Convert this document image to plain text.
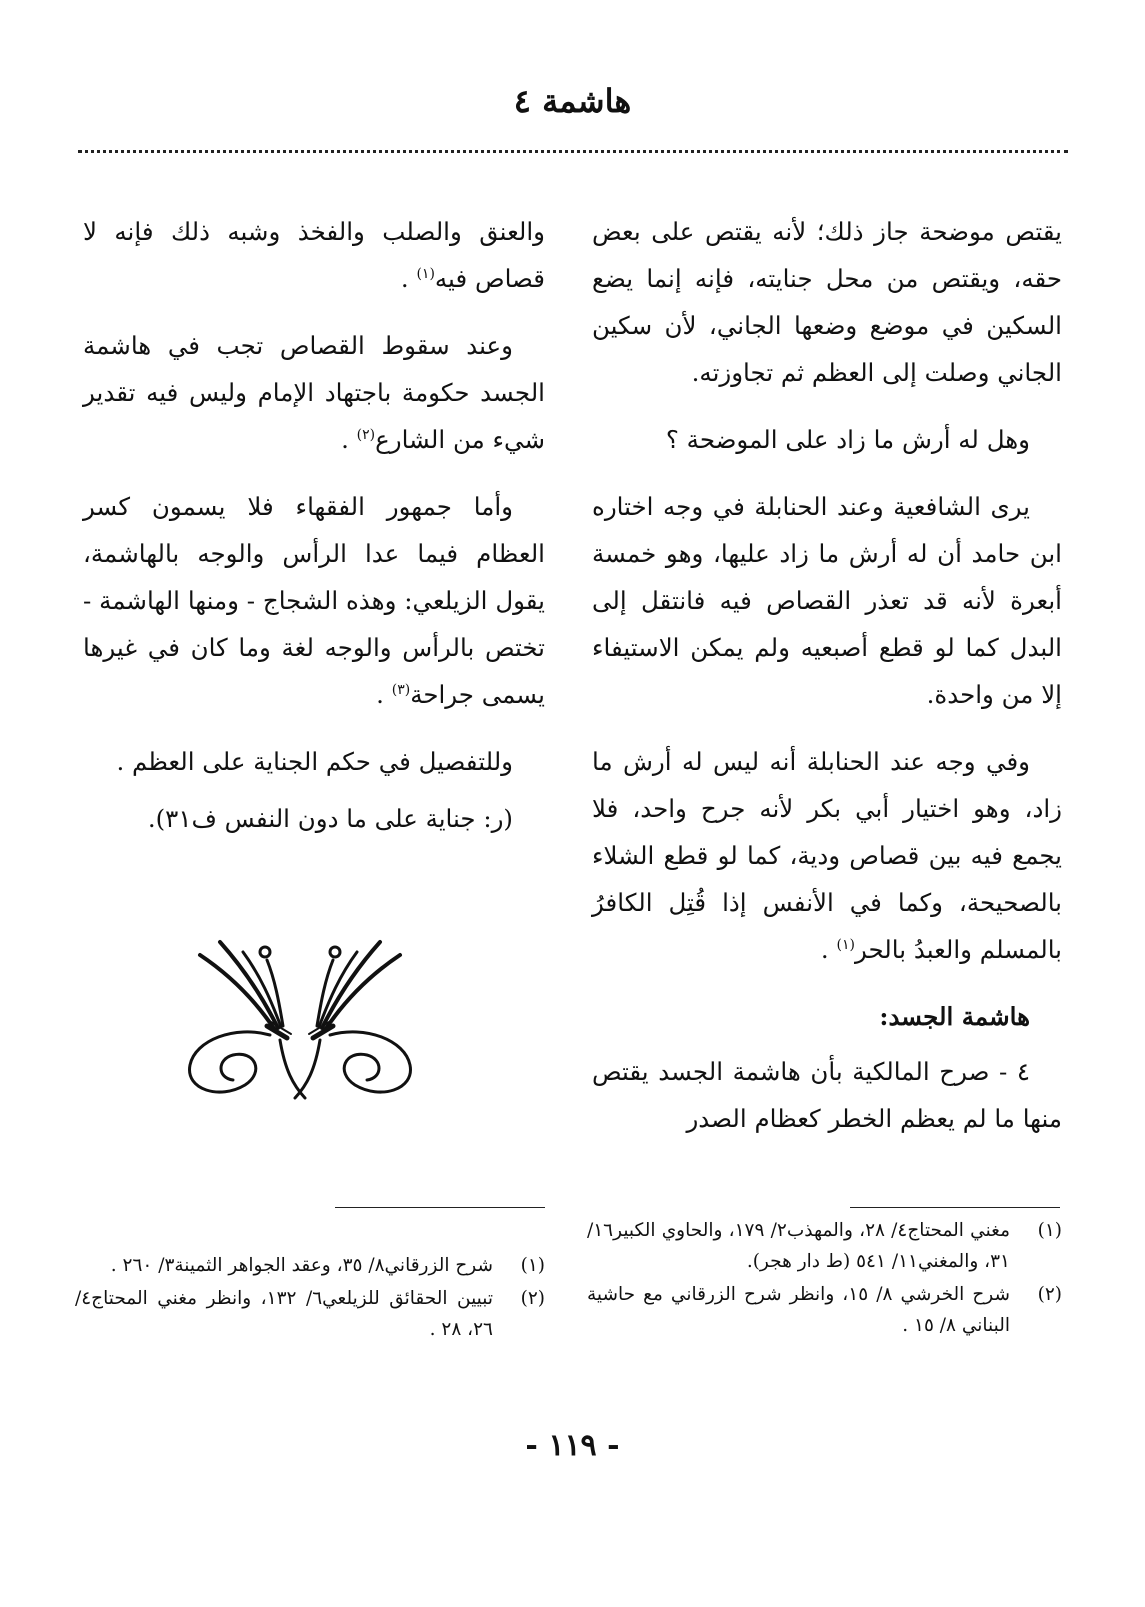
هاشمة ٤

يقتص موضحة جاز ذلك؛ لأنه يقتص على بعض حقه، ويقتص من محل جنايته، فإنه إنما يضع السكين في موضع وضعها الجاني، لأن سكين الجاني وصلت إلى العظم ثم تجاوزته.

وهل له أرش ما زاد على الموضحة ؟

يرى الشافعية وعند الحنابلة في وجه اختاره ابن حامد أن له أرش ما زاد عليها، وهو خمسة أبعرة لأنه قد تعذر القصاص فيه فانتقل إلى البدل كما لو قطع أصبعيه ولم يمكن الاستيفاء إلا من واحدة.

وفي وجه عند الحنابلة أنه ليس له أرش ما زاد، وهو اختيار أبي بكر لأنه جرح واحد، فلا يجمع فيه بين قصاص ودية، كما لو قطع الشلاء بالصحيحة، وكما في الأنفس إذا قُتِل الكافرُ بالمسلم والعبدُ بالحر$^{(١)}$ .

هاشمة الجسد:

٤ - صرح المالكية بأن هاشمة الجسد يقتص منها ما لم يعظم الخطر كعظام الصدر

والعنق والصلب والفخذ وشبه ذلك فإنه لا قصاص فيه$^{(١)}$ .

وعند سقوط القصاص تجب في هاشمة الجسد حكومة باجتهاد الإمام وليس فيه تقدير شيء من الشارع$^{(٢)}$ .

وأما جمهور الفقهاء فلا يسمون كسر العظام فيما عدا الرأس والوجه بالهاشمة، يقول الزيلعي: وهذه الشجاج - ومنها الهاشمة - تختص بالرأس والوجه لغة وما كان في غيرها يسمى جراحة$^{(٣)}$ .

وللتفصيل في حكم الجناية على العظم .

(ر: جناية على ما دون النفس ف٣١).

(١)
مغني المحتاج٤/ ٢٨، والمهذب٢/ ١٧٩، والحاوي الكبير١٦/ ٣١، والمغني١١/ ٥٤١ (ط دار هجر).
(٢)
شرح الخرشي ٨/ ١٥، وانظر شرح الزرقاني مع حاشية البناني ٨/ ١٥ .
(١)
شرح الزرقاني٨/ ٣٥، وعقد الجواهر الثمينة٣/ ٢٦٠ .
(٢)
تبيين الحقائق للزيلعي٦/ ١٣٢، وانظر مغني المحتاج٤/ ٢٦، ٢٨ .
- ١١٩ -
